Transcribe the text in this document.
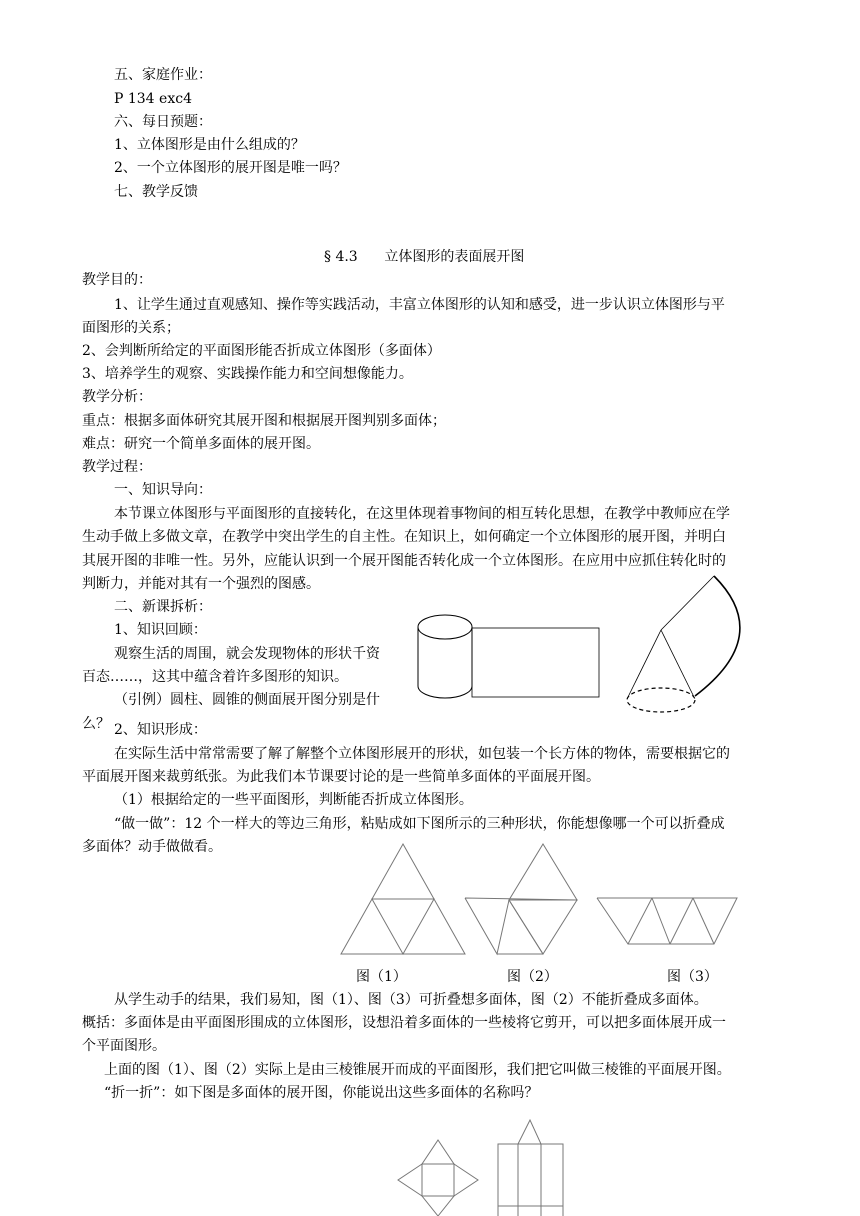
五、家庭作业：

P 134 exc4

六、每日预题：

1、立体图形是由什么组成的？

2、一个立体图形的展开图是唯一吗？

七、教学反馈

§ 4.3      立体图形的表面展开图

教学目的：

1、让学生通过直观感知、操作等实践活动，丰富立体图形的认知和感受，进一步认识立体图形与平

面图形的关系；

2、会判断所给定的平面图形能否折成立体图形（多面体）

3、培养学生的观察、实践操作能力和空间想像能力。

教学分析：

重点：根据多面体研究其展开图和根据展开图判别多面体；

难点：研究一个简单多面体的展开图。

教学过程：

一、知识导向：

本节课立体图形与平面图形的直接转化，在这里体现着事物间的相互转化思想，在教学中教师应在学

生动手做上多做文章，在教学中突出学生的自主性。在知识上，如何确定一个立体图形的展开图，并明白

其展开图的非唯一性。另外，应能认识到一个展开图能否转化成一个立体图形。在应用中应抓住转化时的

判断力，并能对其有一个强烈的图感。

二、新课拆析：

1、知识回顾：

观察生活的周围，就会发现物体的形状千资

百态……，这其中蕴含着许多图形的知识。

（引例）圆柱、圆锥的侧面展开图分别是什

么？ 2、知识形成：

在实际生活中常常需要了解了解整个立体图形展开的形状，如包装一个长方体的物体，需要根据它的

平面展开图来裁剪纸张。为此我们本节课要讨论的是一些简单多面体的平面展开图。

（1）根据给定的一些平面图形，判断能否折成立体图形。

“做一做”：12 个一样大的等边三角形，粘贴成如下图所示的三种形状，你能想像哪一个可以折叠成

多面体？动手做做看。

图（1）	图（2）	图（3）

从学生动手的结果，我们易知，图（1）、图（3）可折叠想多面体，图（2）不能折叠成多面体。

概括：多面体是由平面图形围成的立体图形，设想沿着多面体的一些棱将它剪开，可以把多面体展开成一

个平面图形。

上面的图（1）、图（2）实际上是由三棱锥展开而成的平面图形，我们把它叫做三棱锥的平面展开图。

“折一折”：如下图是多面体的展开图，你能说出这些多面体的名称吗？
